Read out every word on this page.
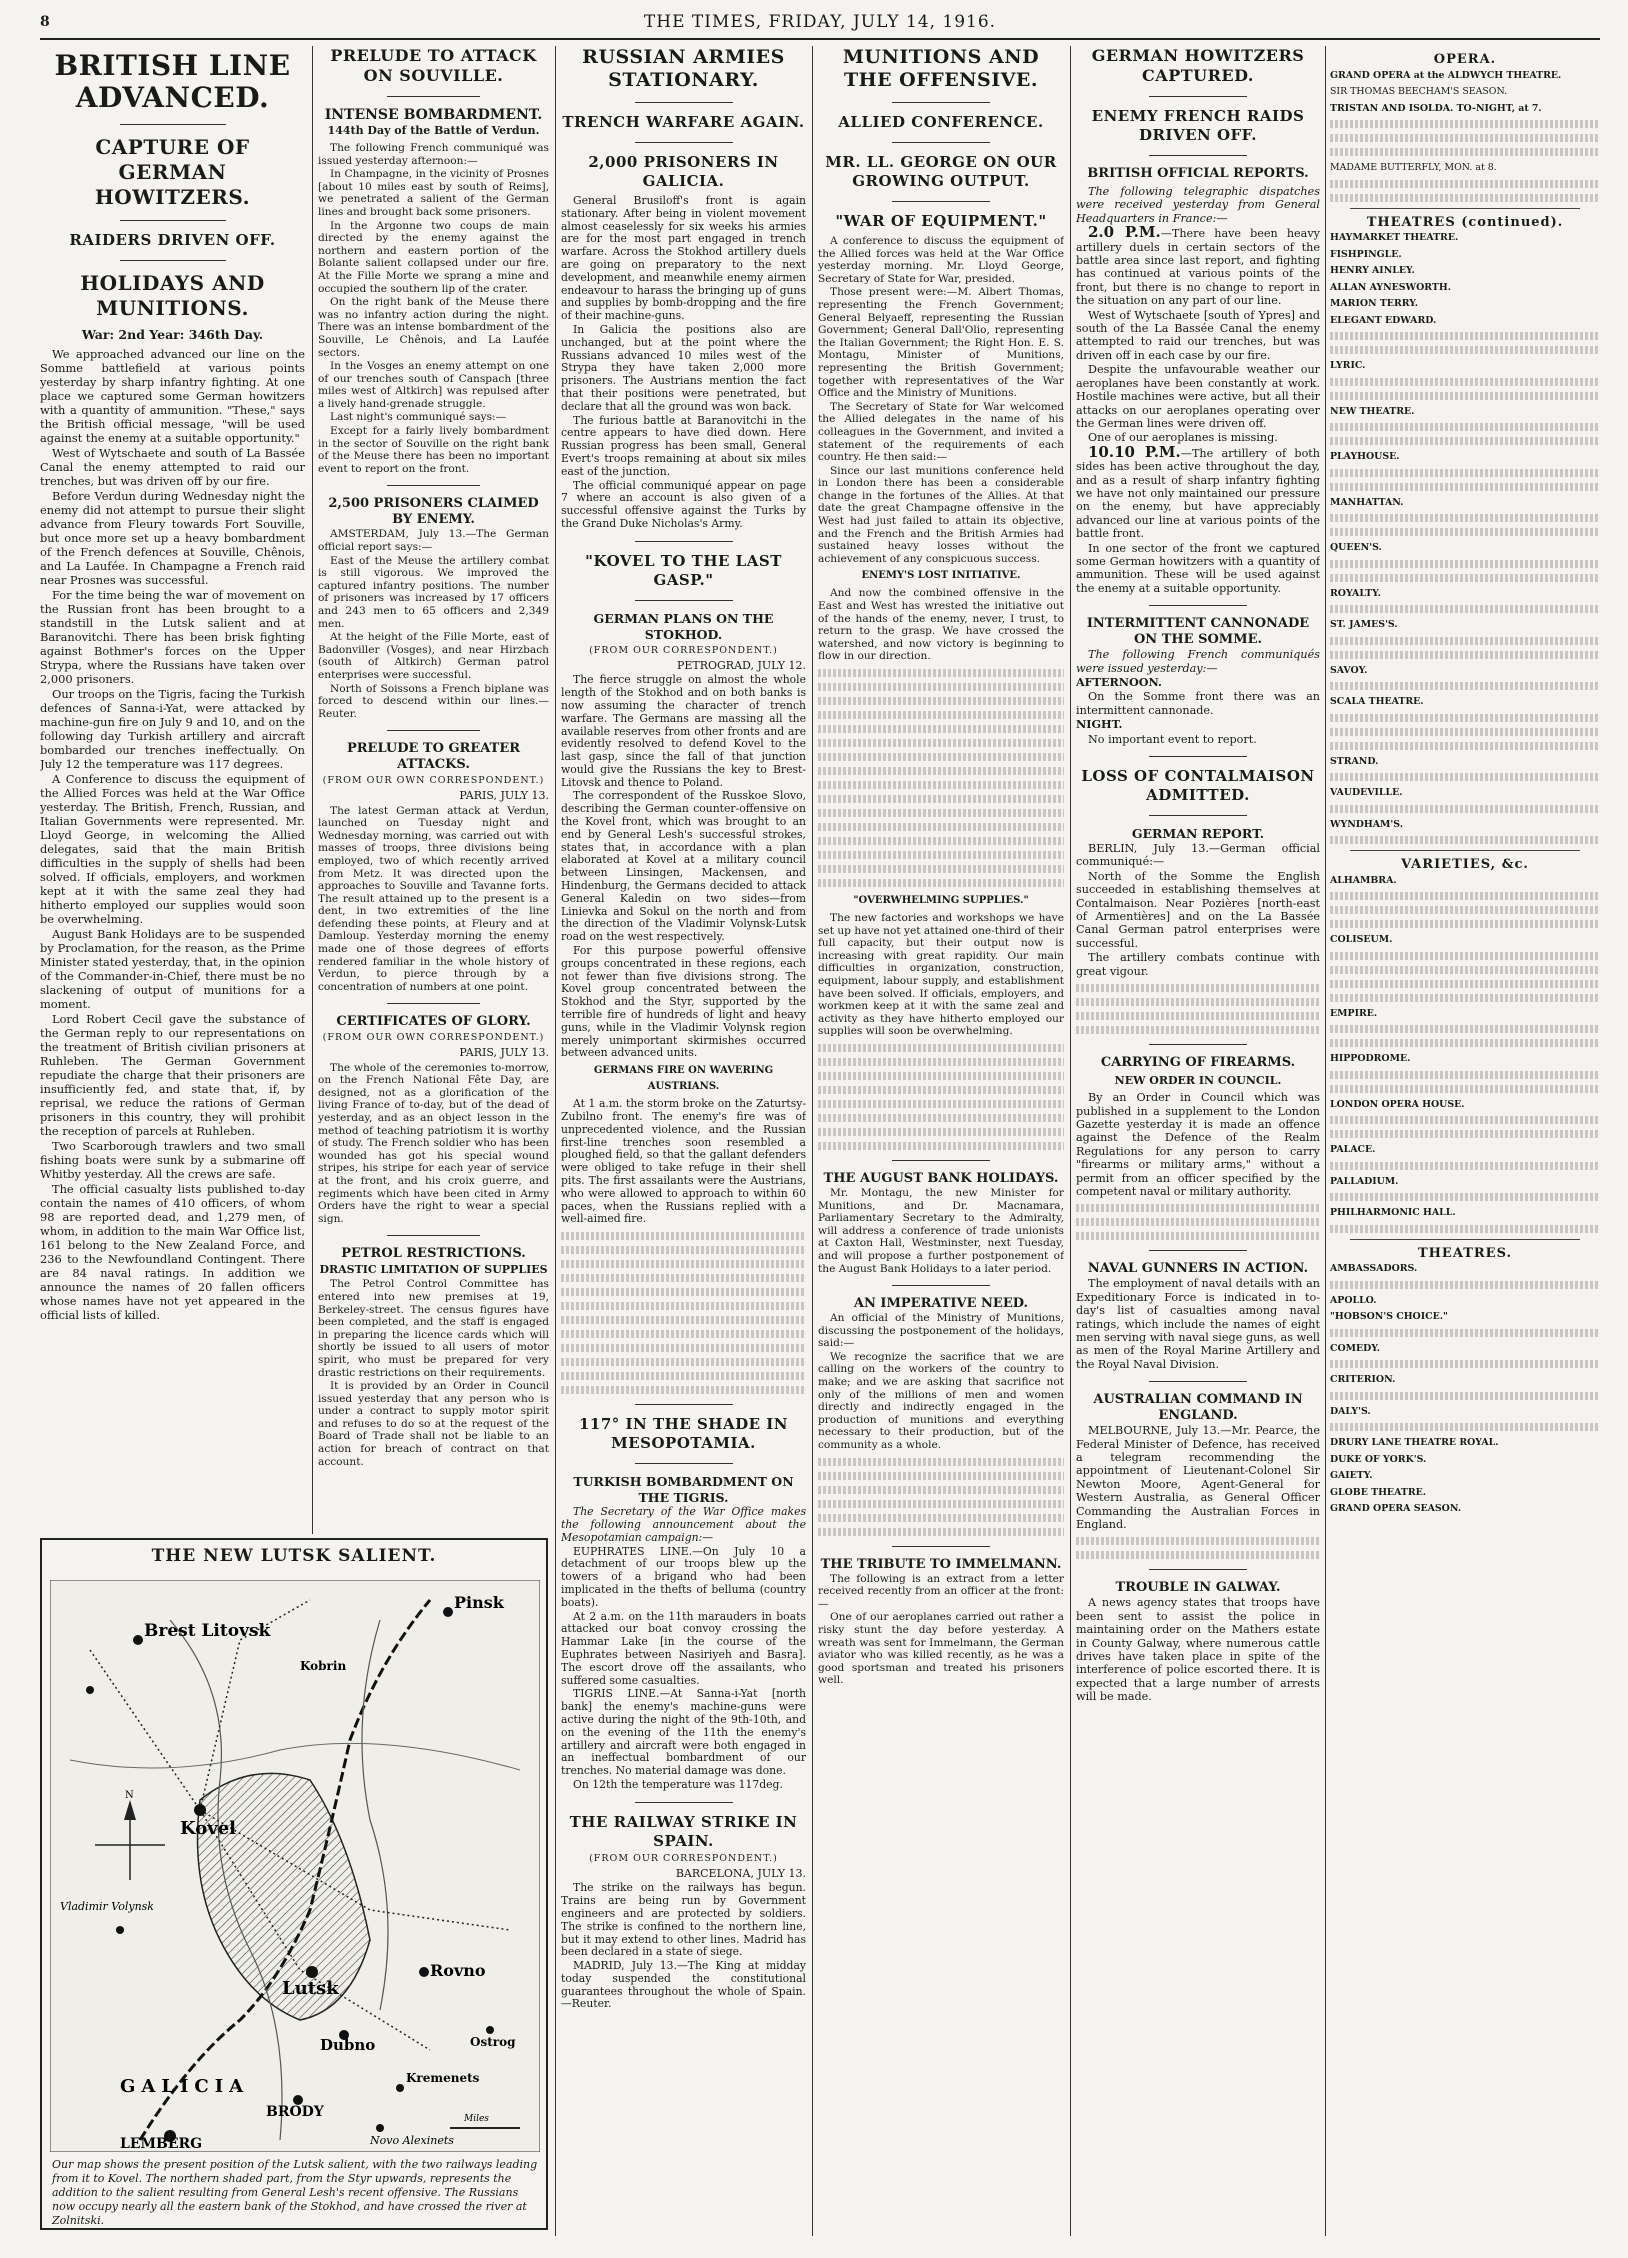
8	THE TIMES, FRIDAY, JULY 14, 1916.
BRITISH LINE ADVANCED.
CAPTURE OF GERMAN HOWITZERS.
RAIDERS DRIVEN OFF.
HOLIDAYS AND MUNITIONS.
War: 2nd Year: 346th Day.

We approached advanced our line on the Somme battlefield at various points yesterday by sharp infantry fighting. At one place we captured some German howitzers with a quantity of ammunition. "These," says the British official message, "will be used against the enemy at a suitable opportunity."

West of Wytschaete and south of La Bassée Canal the enemy attempted to raid our trenches, but was driven off by our fire.

Before Verdun during Wednesday night the enemy did not attempt to pursue their slight advance from Fleury towards Fort Souville, but once more set up a heavy bombardment of the French defences at Souville, Chênois, and La Laufée. In Champagne a French raid near Prosnes was successful.

For the time being the war of movement on the Russian front has been brought to a standstill in the Lutsk salient and at Baranovitchi. There has been brisk fighting against Bothmer's forces on the Upper Strypa, where the Russians have taken over 2,000 prisoners.

Our troops on the Tigris, facing the Turkish defences of Sanna-i-Yat, were attacked by machine-gun fire on July 9 and 10, and on the following day Turkish artillery and aircraft bombarded our trenches ineffectually. On July 12 the temperature was 117 degrees.

A Conference to discuss the equipment of the Allied Forces was held at the War Office yesterday. The British, French, Russian, and Italian Governments were represented. Mr. Lloyd George, in welcoming the Allied delegates, said that the main British difficulties in the supply of shells had been solved. If officials, employers, and workmen kept at it with the same zeal they had hitherto employed our supplies would soon be overwhelming.

August Bank Holidays are to be suspended by Proclamation, for the reason, as the Prime Minister stated yesterday, that, in the opinion of the Commander-in-Chief, there must be no slackening of output of munitions for a moment.

Lord Robert Cecil gave the substance of the German reply to our representations on the treatment of British civilian prisoners at Ruhleben. The German Government repudiate the charge that their prisoners are insufficiently fed, and state that, if, by reprisal, we reduce the rations of German prisoners in this country, they will prohibit the reception of parcels at Ruhleben.

Two Scarborough trawlers and two small fishing boats were sunk by a submarine off Whitby yesterday. All the crews are safe.

The official casualty lists published to-day contain the names of 410 officers, of whom 98 are reported dead, and 1,279 men, of whom, in addition to the main War Office list, 161 belong to the New Zealand Force, and 236 to the Newfoundland Contingent. There are 84 naval ratings. In addition we announce the names of 20 fallen officers whose names have not yet appeared in the official lists of killed.

PRELUDE TO ATTACK ON SOUVILLE.
INTENSE BOMBARDMENT.
144th Day of the Battle of Verdun.

The following French communiqué was issued yesterday afternoon:—

In Champagne, in the vicinity of Prosnes [about 10 miles east by south of Reims], we penetrated a salient of the German lines and brought back some prisoners.

In the Argonne two coups de main directed by the enemy against the northern and eastern portion of the Bolante salient collapsed under our fire. At the Fille Morte we sprang a mine and occupied the southern lip of the crater.

On the right bank of the Meuse there was no infantry action during the night. There was an intense bombardment of the Souville, Le Chênois, and La Laufée sectors.

In the Vosges an enemy attempt on one of our trenches south of Canspach [three miles west of Altkirch] was repulsed after a lively hand-grenade struggle.

Last night's communiqué says:—

Except for a fairly lively bombardment in the sector of Souville on the right bank of the Meuse there has been no important event to report on the front.

2,500 PRISONERS CLAIMED BY ENEMY.

AMSTERDAM, July 13.—The German official report says:—

East of the Meuse the artillery combat is still vigorous. We improved the captured infantry positions. The number of prisoners was increased by 17 officers and 243 men to 65 officers and 2,349 men.

At the height of the Fille Morte, east of Badonviller (Vosges), and near Hirzbach (south of Altkirch) German patrol enterprises were successful.

North of Soissons a French biplane was forced to descend within our lines.—Reuter.

PRELUDE TO GREATER ATTACKS.
(FROM OUR OWN CORRESPONDENT.)
PARIS, JULY 13.

The latest German attack at Verdun, launched on Tuesday night and Wednesday morning, was carried out with masses of troops, three divisions being employed, two of which recently arrived from Metz. It was directed upon the approaches to Souville and Tavanne forts. The result attained up to the present is a dent, in two extremities of the line defending these points, at Fleury and at Damloup. Yesterday morning the enemy made one of those degrees of efforts rendered familiar in the whole history of Verdun, to pierce through by a concentration of numbers at one point.

CERTIFICATES OF GLORY.
(FROM OUR OWN CORRESPONDENT.)
PARIS, JULY 13.

The whole of the ceremonies to-morrow, on the French National Fête Day, are designed, not as a glorification of the living France of to-day, but of the dead of yesterday, and as an object lesson in the method of teaching patriotism it is worthy of study. The French soldier who has been wounded has got his special wound stripes, his stripe for each year of service at the front, and his croix guerre, and regiments which have been cited in Army Orders have the right to wear a special sign.

PETROL RESTRICTIONS.
DRASTIC LIMITATION OF SUPPLIES

The Petrol Control Committee has entered into new premises at 19, Berkeley-street. The census figures have been completed, and the staff is engaged in preparing the licence cards which will shortly be issued to all users of motor spirit, who must be prepared for very drastic restrictions on their requirements.

It is provided by an Order in Council issued yesterday that any person who is under a contract to supply motor spirit and refuses to do so at the request of the Board of Trade shall not be liable to an action for breach of contract on that account.

THE NEW LUTSK SALIENT.
N
Miles
Brest Litovsk
Pinsk
Kovel
Lutsk
Rovno
Dubno
BRODY
LEMBERG
GALICIA	Kremenets
Ostrog
Kobrin
Vladimir Volynsk
Novo Alexinets
Our map shows the present position of the Lutsk salient, with the two railways leading from it to Kovel. The northern shaded part, from the Styr upwards, represents the addition to the salient resulting from General Lesh's recent offensive. The Russians now occupy nearly all the eastern bank of the Stokhod, and have crossed the river at Zolnitski.
RUSSIAN ARMIES STATIONARY.
TRENCH WARFARE AGAIN.
2,000 PRISONERS IN GALICIA.

General Brusiloff's front is again stationary. After being in violent movement almost ceaselessly for six weeks his armies are for the most part engaged in trench warfare. Across the Stokhod artillery duels are going on preparatory to the next development, and meanwhile enemy airmen endeavour to harass the bringing up of guns and supplies by bomb-dropping and the fire of their machine-guns.

In Galicia the positions also are unchanged, but at the point where the Russians advanced 10 miles west of the Strypa they have taken 2,000 more prisoners. The Austrians mention the fact that their positions were penetrated, but declare that all the ground was won back.

The furious battle at Baranovitchi in the centre appears to have died down. Here Russian progress has been small, General Evert's troops remaining at about six miles east of the junction.

The official communiqué appear on page 7 where an account is also given of a successful offensive against the Turks by the Grand Duke Nicholas's Army.

"KOVEL TO THE LAST GASP."
GERMAN PLANS ON THE STOKHOD.
(FROM OUR CORRESPONDENT.)
PETROGRAD, JULY 12.

The fierce struggle on almost the whole length of the Stokhod and on both banks is now assuming the character of trench warfare. The Germans are massing all the available reserves from other fronts and are evidently resolved to defend Kovel to the last gasp, since the fall of that junction would give the Russians the key to Brest-Litovsk and thence to Poland.

The correspondent of the Russkoe Slovo, describing the German counter-offensive on the Kovel front, which was brought to an end by General Lesh's successful strokes, states that, in accordance with a plan elaborated at Kovel at a military council between Linsingen, Mackensen, and Hindenburg, the Germans decided to attack General Kaledin on two sides—from Linievka and Sokul on the north and from the direction of the Vladimir Volynsk-Lutsk road on the west respectively.

For this purpose powerful offensive groups concentrated in these regions, each not fewer than five divisions strong. The Kovel group concentrated between the Stokhod and the Styr, supported by the terrible fire of hundreds of light and heavy guns, while in the Vladimir Volynsk region merely unimportant skirmishes occurred between advanced units.

GERMANS FIRE ON WAVERING AUSTRIANS.

At 1 a.m. the storm broke on the Zaturtsy-Zubilno front. The enemy's fire was of unprecedented violence, and the Russian first-line trenches soon resembled a ploughed field, so that the gallant defenders were obliged to take refuge in their shell pits. The first assailants were the Austrians, who were allowed to approach to within 60 paces, when the Russians replied with a well-aimed fire.

117° IN THE SHADE IN MESOPOTAMIA.
TURKISH BOMBARDMENT ON THE TIGRIS.

The Secretary of the War Office makes the following announcement about the Mesopotamian campaign:—

EUPHRATES LINE.—On July 10 a detachment of our troops blew up the towers of a brigand who had been implicated in the thefts of belluma (country boats).

At 2 a.m. on the 11th marauders in boats attacked our boat convoy crossing the Hammar Lake [in the course of the Euphrates between Nasiriyeh and Basra]. The escort drove off the assailants, who suffered some casualties.

TIGRIS LINE.—At Sanna-i-Yat [north bank] the enemy's machine-guns were active during the night of the 9th-10th, and on the evening of the 11th the enemy's artillery and aircraft were both engaged in an ineffectual bombardment of our trenches. No material damage was done.

On 12th the temperature was 117deg.

THE RAILWAY STRIKE IN SPAIN.
(FROM OUR CORRESPONDENT.)
BARCELONA, JULY 13.

The strike on the railways has begun. Trains are being run by Government engineers and are protected by soldiers. The strike is confined to the northern line, but it may extend to other lines. Madrid has been declared in a state of siege.

MADRID, July 13.—The King at midday today suspended the constitutional guarantees throughout the whole of Spain.—Reuter.

MUNITIONS AND THE OFFENSIVE.
ALLIED CONFERENCE.
MR. LL. GEORGE ON OUR GROWING OUTPUT.
"WAR OF EQUIPMENT."

A conference to discuss the equipment of the Allied forces was held at the War Office yesterday morning. Mr. Lloyd George, Secretary of State for War, presided.

Those present were:—M. Albert Thomas, representing the French Government; General Belyaeff, representing the Russian Government; General Dall'Olio, representing the Italian Government; the Right Hon. E. S. Montagu, Minister of Munitions, representing the British Government; together with representatives of the War Office and the Ministry of Munitions.

The Secretary of State for War welcomed the Allied delegates in the name of his colleagues in the Government, and invited a statement of the requirements of each country. He then said:—

Since our last munitions conference held in London there has been a considerable change in the fortunes of the Allies. At that date the great Champagne offensive in the West had just failed to attain its objective, and the French and the British Armies had sustained heavy losses without the achievement of any conspicuous success.

ENEMY'S LOST INITIATIVE.

And now the combined offensive in the East and West has wrested the initiative out of the hands of the enemy, never, I trust, to return to the grasp. We have crossed the watershed, and now victory is beginning to flow in our direction.

"OVERWHELMING SUPPLIES."

The new factories and workshops we have set up have not yet attained one-third of their full capacity, but their output now is increasing with great rapidity. Our main difficulties in organization, construction, equipment, labour supply, and establishment have been solved. If officials, employers, and workmen keep at it with the same zeal and activity as they have hitherto employed our supplies will soon be overwhelming.

THE AUGUST BANK HOLIDAYS.

Mr. Montagu, the new Minister for Munitions, and Dr. Macnamara, Parliamentary Secretary to the Admiralty, will address a conference of trade unionists at Caxton Hall, Westminster, next Tuesday, and will propose a further postponement of the August Bank Holidays to a later period.

AN IMPERATIVE NEED.

An official of the Ministry of Munitions, discussing the postponement of the holidays, said:—

We recognize the sacrifice that we are calling on the workers of the country to make; and we are asking that sacrifice not only of the millions of men and women directly and indirectly engaged in the production of munitions and everything necessary to their production, but of the community as a whole.

THE TRIBUTE TO IMMELMANN.

The following is an extract from a letter received recently from an officer at the front:—

One of our aeroplanes carried out rather a risky stunt the day before yesterday. A wreath was sent for Immelmann, the German aviator who was killed recently, as he was a good sportsman and treated his prisoners well.

GERMAN HOWITZERS CAPTURED.
ENEMY FRENCH RAIDS DRIVEN OFF.
BRITISH OFFICIAL REPORTS.

The following telegraphic dispatches were received yesterday from General Headquarters in France:—

2.0 P.M.—There have been heavy artillery duels in certain sectors of the battle area since last report, and fighting has continued at various points of the front, but there is no change to report in the situation on any part of our line.

West of Wytschaete [south of Ypres] and south of the La Bassée Canal the enemy attempted to raid our trenches, but was driven off in each case by our fire.

Despite the unfavourable weather our aeroplanes have been constantly at work. Hostile machines were active, but all their attacks on our aeroplanes operating over the German lines were driven off.

One of our aeroplanes is missing.

10.10 P.M.—The artillery of both sides has been active throughout the day, and as a result of sharp infantry fighting we have not only maintained our pressure on the enemy, but have appreciably advanced our line at various points of the battle front.

In one sector of the front we captured some German howitzers with a quantity of ammunition. These will be used against the enemy at a suitable opportunity.

INTERMITTENT CANNONADE ON THE SOMME.

The following French communiqués were issued yesterday:—

AFTERNOON.

On the Somme front there was an intermittent cannonade.

NIGHT.

No important event to report.

LOSS OF CONTALMAISON ADMITTED.
GERMAN REPORT.

BERLIN, July 13.—German official communiqué:—

North of the Somme the English succeeded in establishing themselves at Contalmaison. Near Pozières [north-east of Armentières] and on the La Bassée Canal German patrol enterprises were successful.

The artillery combats continue with great vigour.

CARRYING OF FIREARMS.
NEW ORDER IN COUNCIL.

By an Order in Council which was published in a supplement to the London Gazette yesterday it is made an offence against the Defence of the Realm Regulations for any person to carry "firearms or military arms," without a permit from an officer specified by the competent naval or military authority.

NAVAL GUNNERS IN ACTION.

The employment of naval details with an Expeditionary Force is indicated in to-day's list of casualties among naval ratings, which include the names of eight men serving with naval siege guns, as well as men of the Royal Marine Artillery and the Royal Naval Division.

AUSTRALIAN COMMAND IN ENGLAND.

MELBOURNE, July 13.—Mr. Pearce, the Federal Minister of Defence, has received a telegram recommending the appointment of Lieutenant-Colonel Sir Newton Moore, Agent-General for Western Australia, as General Officer Commanding the Australian Forces in England.

TROUBLE IN GALWAY.

A news agency states that troops have been sent to assist the police in maintaining order on the Mathers estate in County Galway, where numerous cattle drives have taken place in spite of the interference of police escorted there. It is expected that a large number of arrests will be made.

OPERA.
GRAND OPERA at the ALDWYCH THEATRE.
SIR THOMAS BEECHAM'S SEASON.
TRISTAN AND ISOLDA. TO-NIGHT, at 7.
MADAME BUTTERFLY, MON. at 8.
THEATRES (continued).
HAYMARKET THEATRE.
FISHPINGLE.
HENRY AINLEY.
ALLAN AYNESWORTH.
MARION TERRY.
ELEGANT EDWARD.
LYRIC.
NEW THEATRE.
PLAYHOUSE.
MANHATTAN.
QUEEN'S.
ROYALTY.
ST. JAMES'S.
SAVOY.
SCALA THEATRE.
STRAND.
VAUDEVILLE.
WYNDHAM'S.
VARIETIES, &c.
ALHAMBRA.
COLISEUM.
EMPIRE.
HIPPODROME.
LONDON OPERA HOUSE.
PALACE.
PALLADIUM.
PHILHARMONIC HALL.
THEATRES.
AMBASSADORS.
APOLLO.
"HOBSON'S CHOICE."
COMEDY.
CRITERION.
DALY'S.
DRURY LANE THEATRE ROYAL.
DUKE OF YORK'S.
GAIETY.
GLOBE THEATRE.
GRAND OPERA SEASON.
